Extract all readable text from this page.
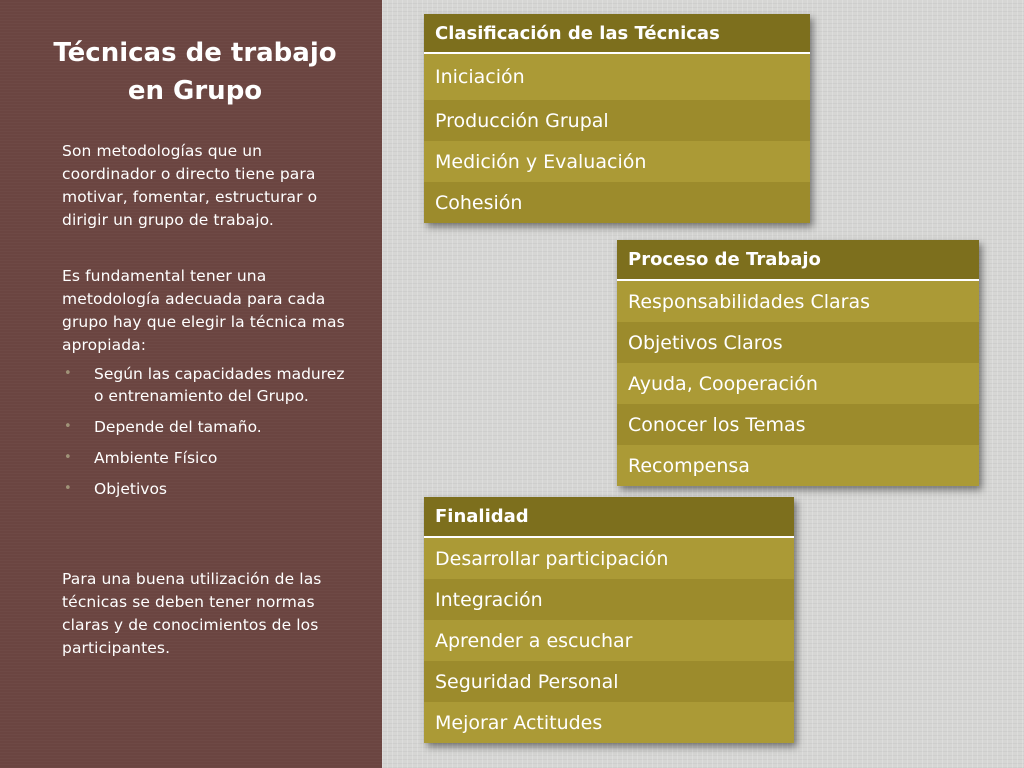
Técnicas de trabajo en Grupo

Son metodologías que un coordinador o directo tiene para motivar, fomentar, estructurar o dirigir un grupo de trabajo.

Es fundamental tener una metodología adecuada para cada grupo hay que elegir la técnica mas apropiada:

• Según las capacidades madurez o entrenamiento del Grupo.
• Depende del tamaño.
• Ambiente Físico
• Objetivos

Para una buena utilización de las técnicas se deben tener normas claras y de conocimientos de los participantes.

Clasificación de las Técnicas
Iniciación
Producción Grupal
Medición y Evaluación
Cohesión
Proceso de Trabajo
Responsabilidades Claras
Objetivos Claros
Ayuda, Cooperación
Conocer los Temas
Recompensa
Finalidad
Desarrollar participación
Integración
Aprender a escuchar
Seguridad Personal
Mejorar Actitudes
